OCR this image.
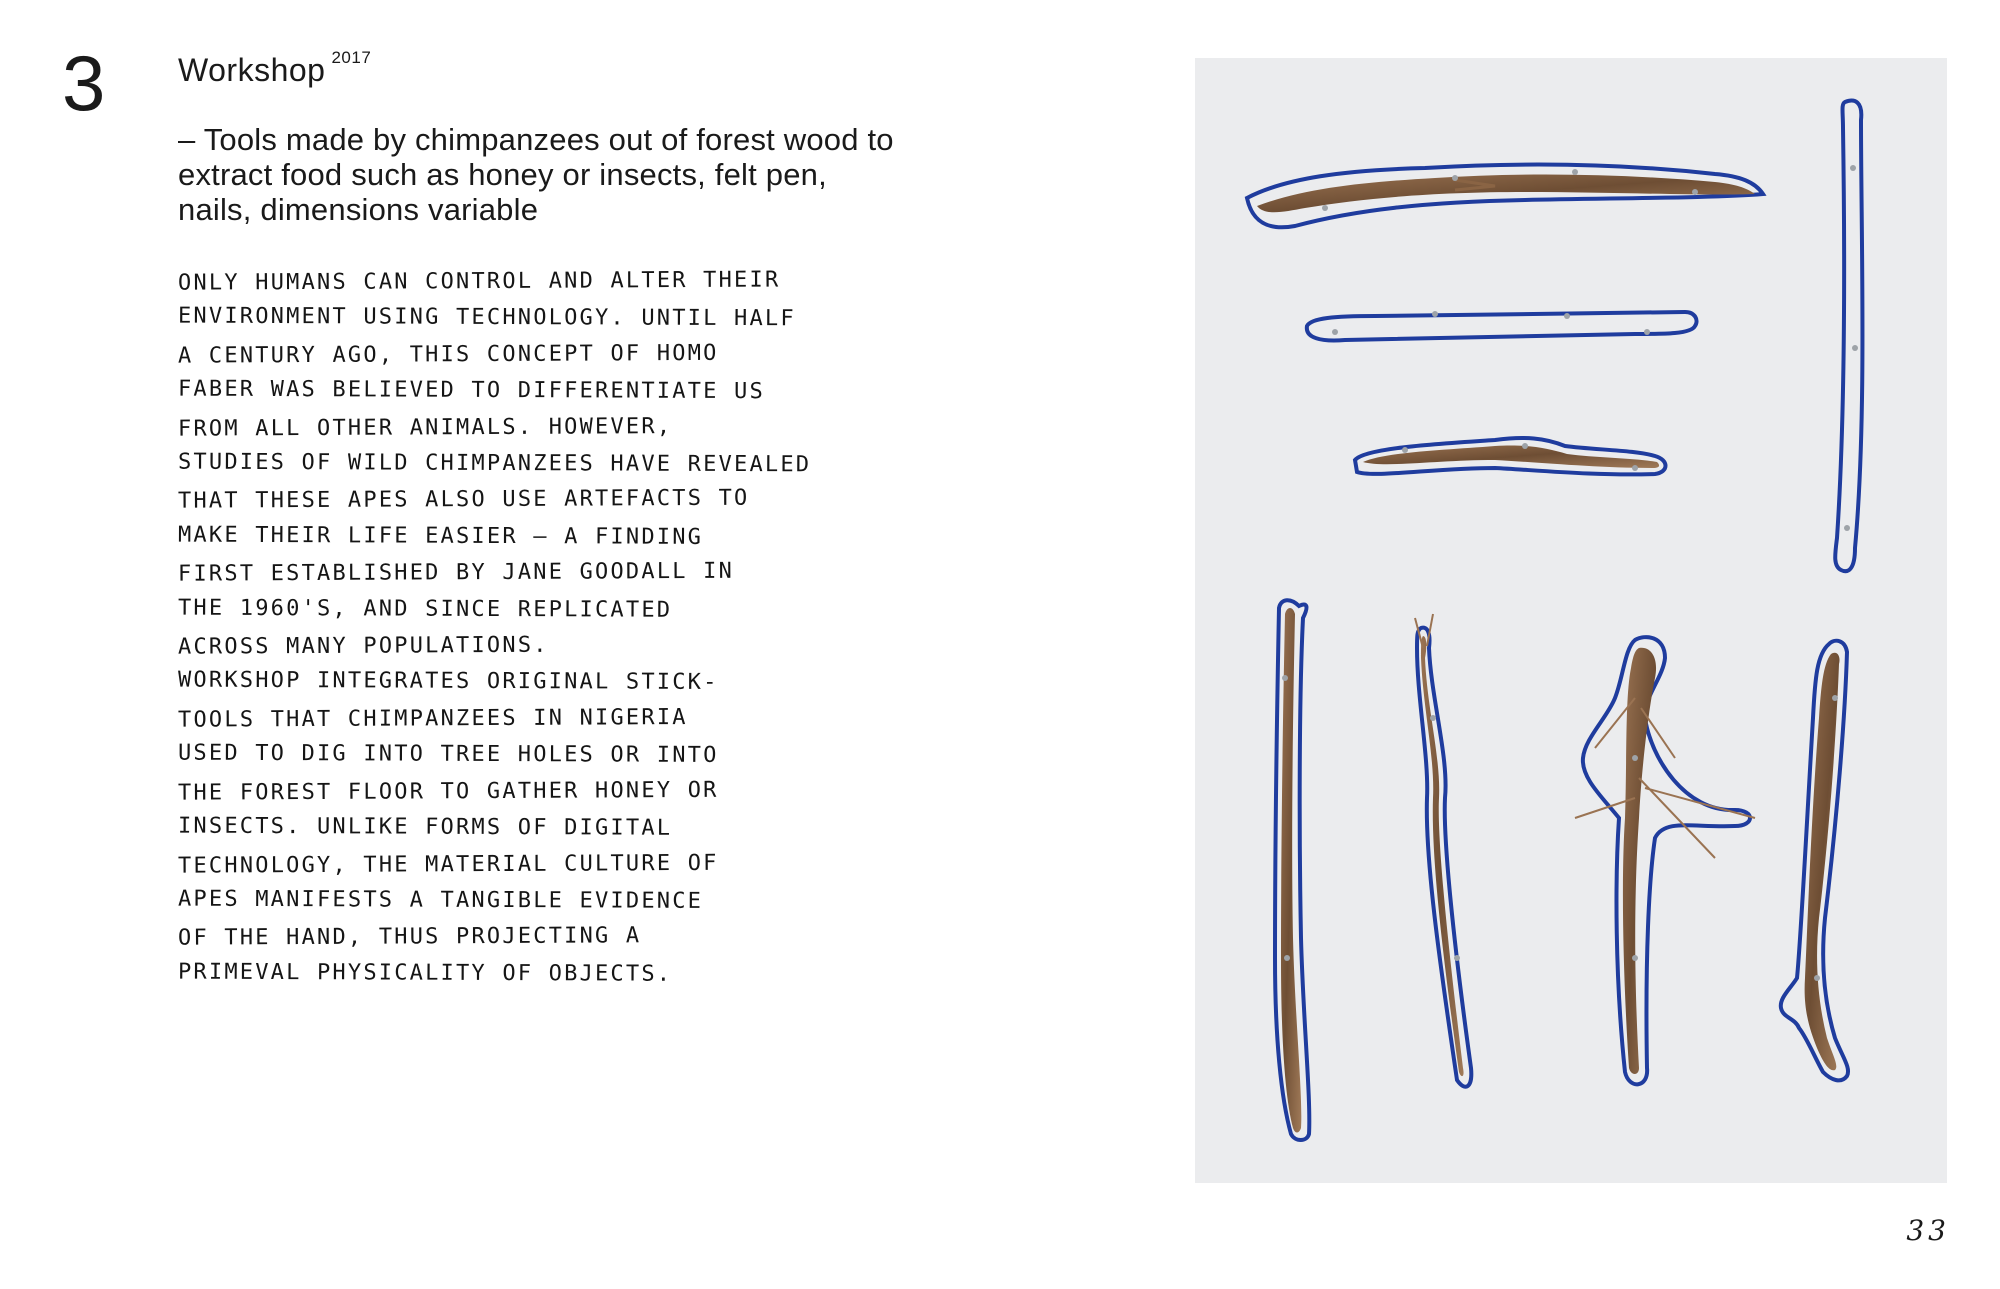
3 Workshop $^{2017}$
– Tools made by chimpanzees out of forest wood to extract food such as honey or insects, felt pen, nails, dimensions variable
ONLY HUMANS CAN CONTROL AND ALTER THEIR
ENVIRONMENT USING TECHNOLOGY. UNTIL HALF
A CENTURY AGO, THIS CONCEPT OF HOMO
FABER WAS BELIEVED TO DIFFERENTIATE US
FROM ALL OTHER ANIMALS. HOWEVER,
STUDIES OF WILD CHIMPANZEES HAVE REVEALED
THAT THESE APES ALSO USE ARTEFACTS TO
MAKE THEIR LIFE EASIER — A FINDING
FIRST ESTABLISHED BY JANE GOODALL IN
THE 1960'S, AND SINCE REPLICATED
ACROSS MANY POPULATIONS.
WORKSHOP INTEGRATES ORIGINAL STICK-
TOOLS THAT CHIMPANZEES IN NIGERIA
USED TO DIG INTO TREE HOLES OR INTO
THE FOREST FLOOR TO GATHER HONEY OR
INSECTS. UNLIKE FORMS OF DIGITAL
TECHNOLOGY, THE MATERIAL CULTURE OF
APES MANIFESTS A TANGIBLE EVIDENCE
OF THE HAND, THUS PROJECTING A
PRIMEVAL PHYSICALITY OF OBJECTS.
33
